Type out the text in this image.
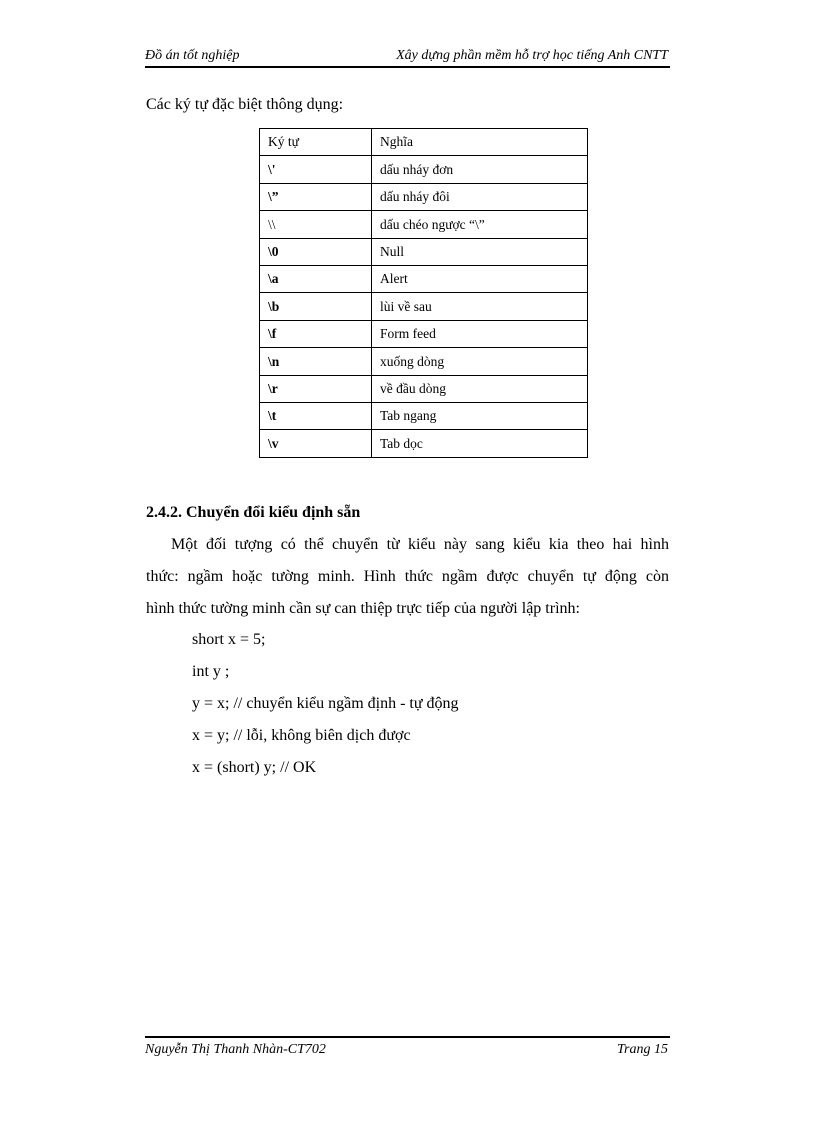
Đồ án tốt nghiệp	Xây dựng phần mềm hỗ trợ học tiếng Anh CNTT
Các ký tự đặc biệt thông dụng:
Ký tự	Nghĩa
\'	dấu nháy đơn
\”	dấu nháy đôi
\\	dấu chéo ngược “\”
\0	Null
\a	Alert
\b	lùi về sau
\f	Form feed
\n	xuống dòng
\r	về đầu dòng
\t	Tab ngang
\v	Tab dọc
2.4.2. Chuyển đổi kiểu định sẵn
Một đối tượng có thể chuyển từ kiểu này sang kiểu kia theo hai hình
thức: ngầm hoặc tường minh. Hình thức ngầm được chuyển tự động còn
hình thức tường minh cần sự can thiệp trực tiếp của người lập trình:
short x = 5;
int y ;
y = x; // chuyển kiểu ngầm định - tự động
x = y; // lỗi, không biên dịch được
x = (short) y; // OK
Nguyễn Thị Thanh Nhàn-CT702	Trang 15
